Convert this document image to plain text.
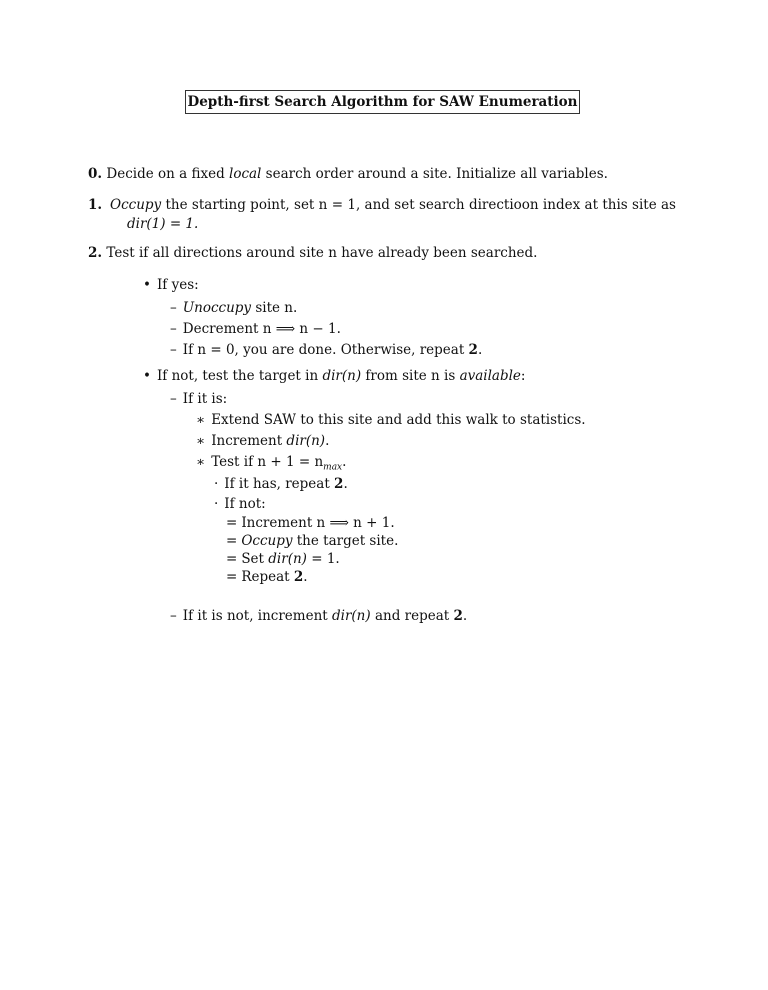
Depth-first Search Algorithm for SAW Enumeration
0. Decide on a fixed local search order around a site. Initialize all variables.
1. Occupy the starting point, set n = 1, and set search directioon index at this site as
dir(1) = 1.
2. Test if all directions around site n have already been searched.
• If yes:
– Unoccupy site n.
– Decrement n ⟹ n − 1.
– If n = 0, you are done. Otherwise, repeat 2.
• If not, test the target in dir(n) from site n is available:
– If it is:
∗ Extend SAW to this site and add this walk to statistics.
∗ Increment dir(n).
∗ Test if $n + 1 = n_{max}$.
· If it has, repeat 2.
· If not:
= Increment n ⟹ n + 1.
= Occupy the target site.
= Set dir(n) = 1.
= Repeat 2.
– If it is not, increment dir(n) and repeat 2.
